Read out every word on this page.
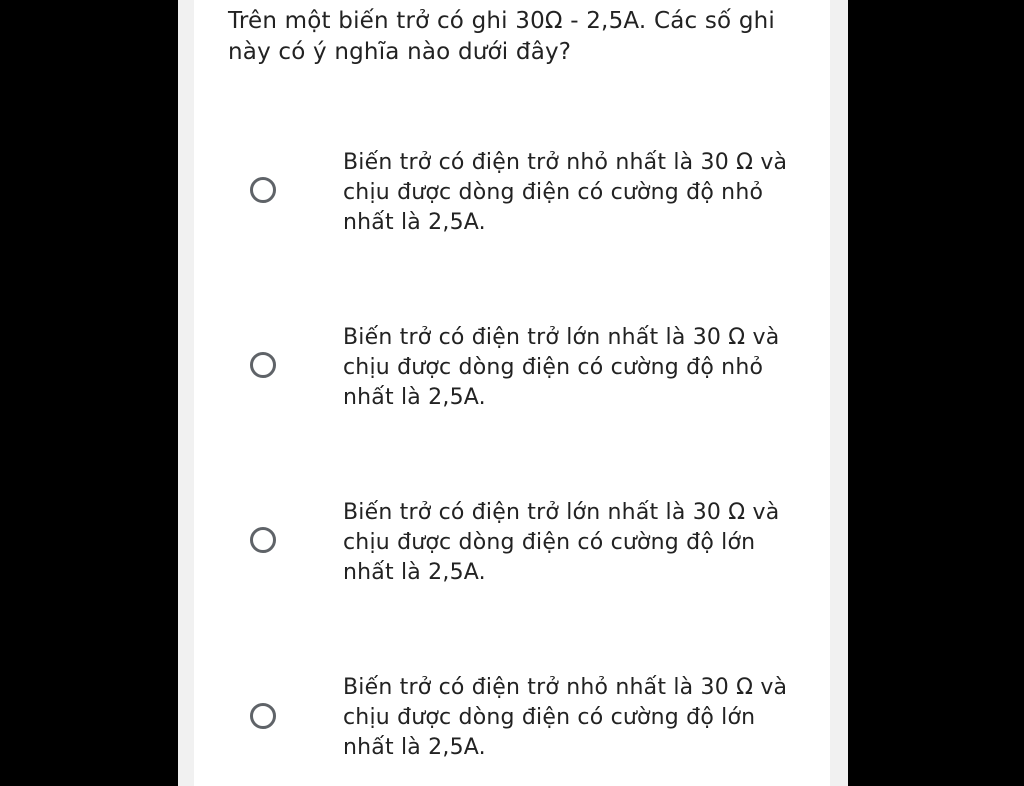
Trên một biến trở có ghi 30Ω - 2,5A. Các số ghi này có ý nghĩa nào dưới đây?
Biến trở có điện trở nhỏ nhất là 30 Ω và chịu được dòng điện có cường độ nhỏ nhất là 2,5A.
Biến trở có điện trở lớn nhất là 30 Ω và chịu được dòng điện có cường độ nhỏ nhất là 2,5A.
Biến trở có điện trở lớn nhất là 30 Ω và chịu được dòng điện có cường độ lớn nhất là 2,5A.
Biến trở có điện trở nhỏ nhất là 30 Ω và chịu được dòng điện có cường độ lớn nhất là 2,5A.
